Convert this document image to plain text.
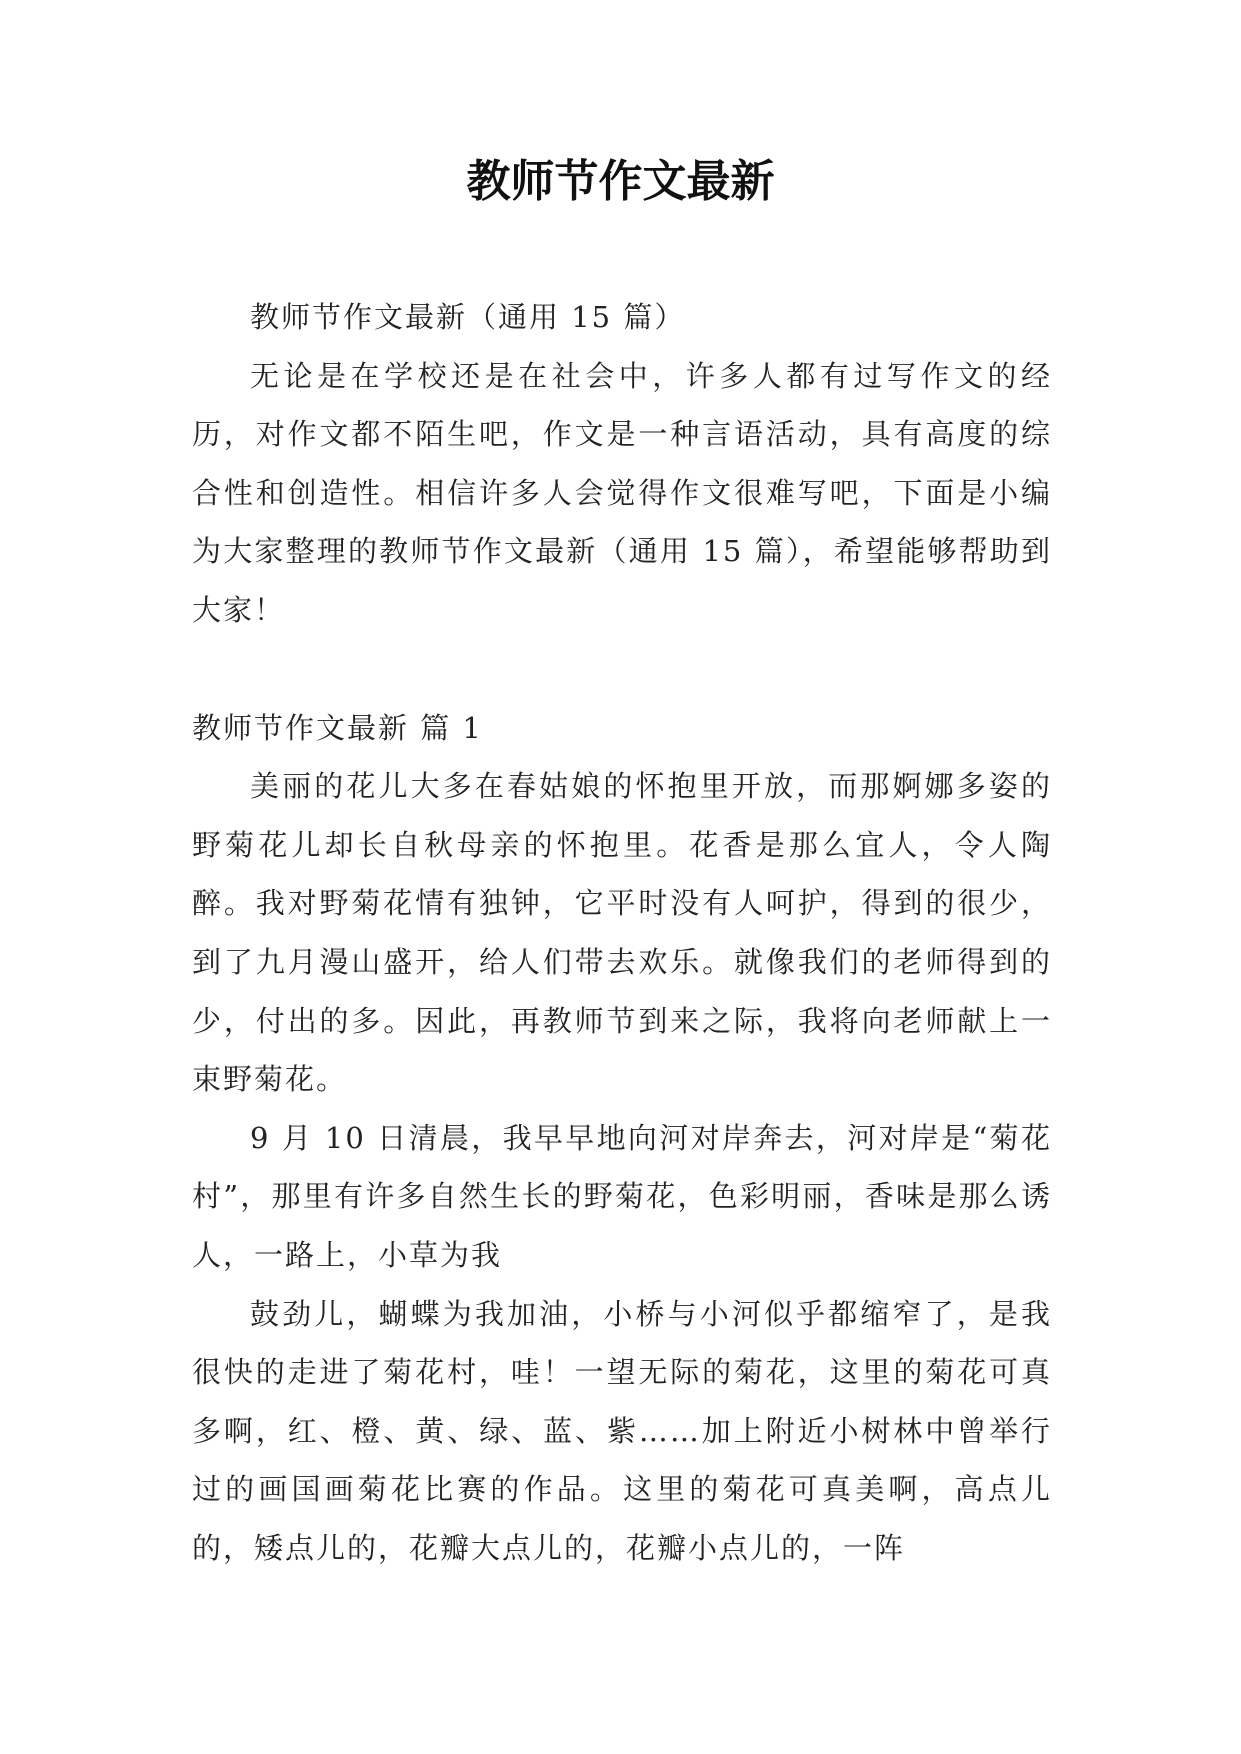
教师节作文最新

教师节作文最新（通用 15 篇）

无论是在学校还是在社会中，许多人都有过写作文的经历，对作文都不陌生吧，作文是一种言语活动，具有高度的综合性和创造性。相信许多人会觉得作文很难写吧，下面是小编为大家整理的教师节作文最新（通用 15 篇），希望能够帮助到大家！

教师节作文最新 篇 1

美丽的花儿大多在春姑娘的怀抱里开放，而那婀娜多姿的野菊花儿却长自秋母亲的怀抱里。花香是那么宜人，令人陶醉。我对野菊花情有独钟，它平时没有人呵护，得到的很少，到了九月漫山盛开，给人们带去欢乐。就像我们的老师得到的少，付出的多。因此，再教师节到来之际，我将向老师献上一束野菊花。

9 月 10 日清晨，我早早地向河对岸奔去，河对岸是“菊花村”，那里有许多自然生长的野菊花，色彩明丽，香味是那么诱人，一路上，小草为我

鼓劲儿，蝴蝶为我加油，小桥与小河似乎都缩窄了，是我很快的走进了菊花村，哇！一望无际的菊花，这里的菊花可真多啊，红、橙、黄、绿、蓝、紫……加上附近小树林中曾举行过的画国画菊花比赛的作品。这里的菊花可真美啊，高点儿的，矮点儿的，花瓣大点儿的，花瓣小点儿的，一阵
